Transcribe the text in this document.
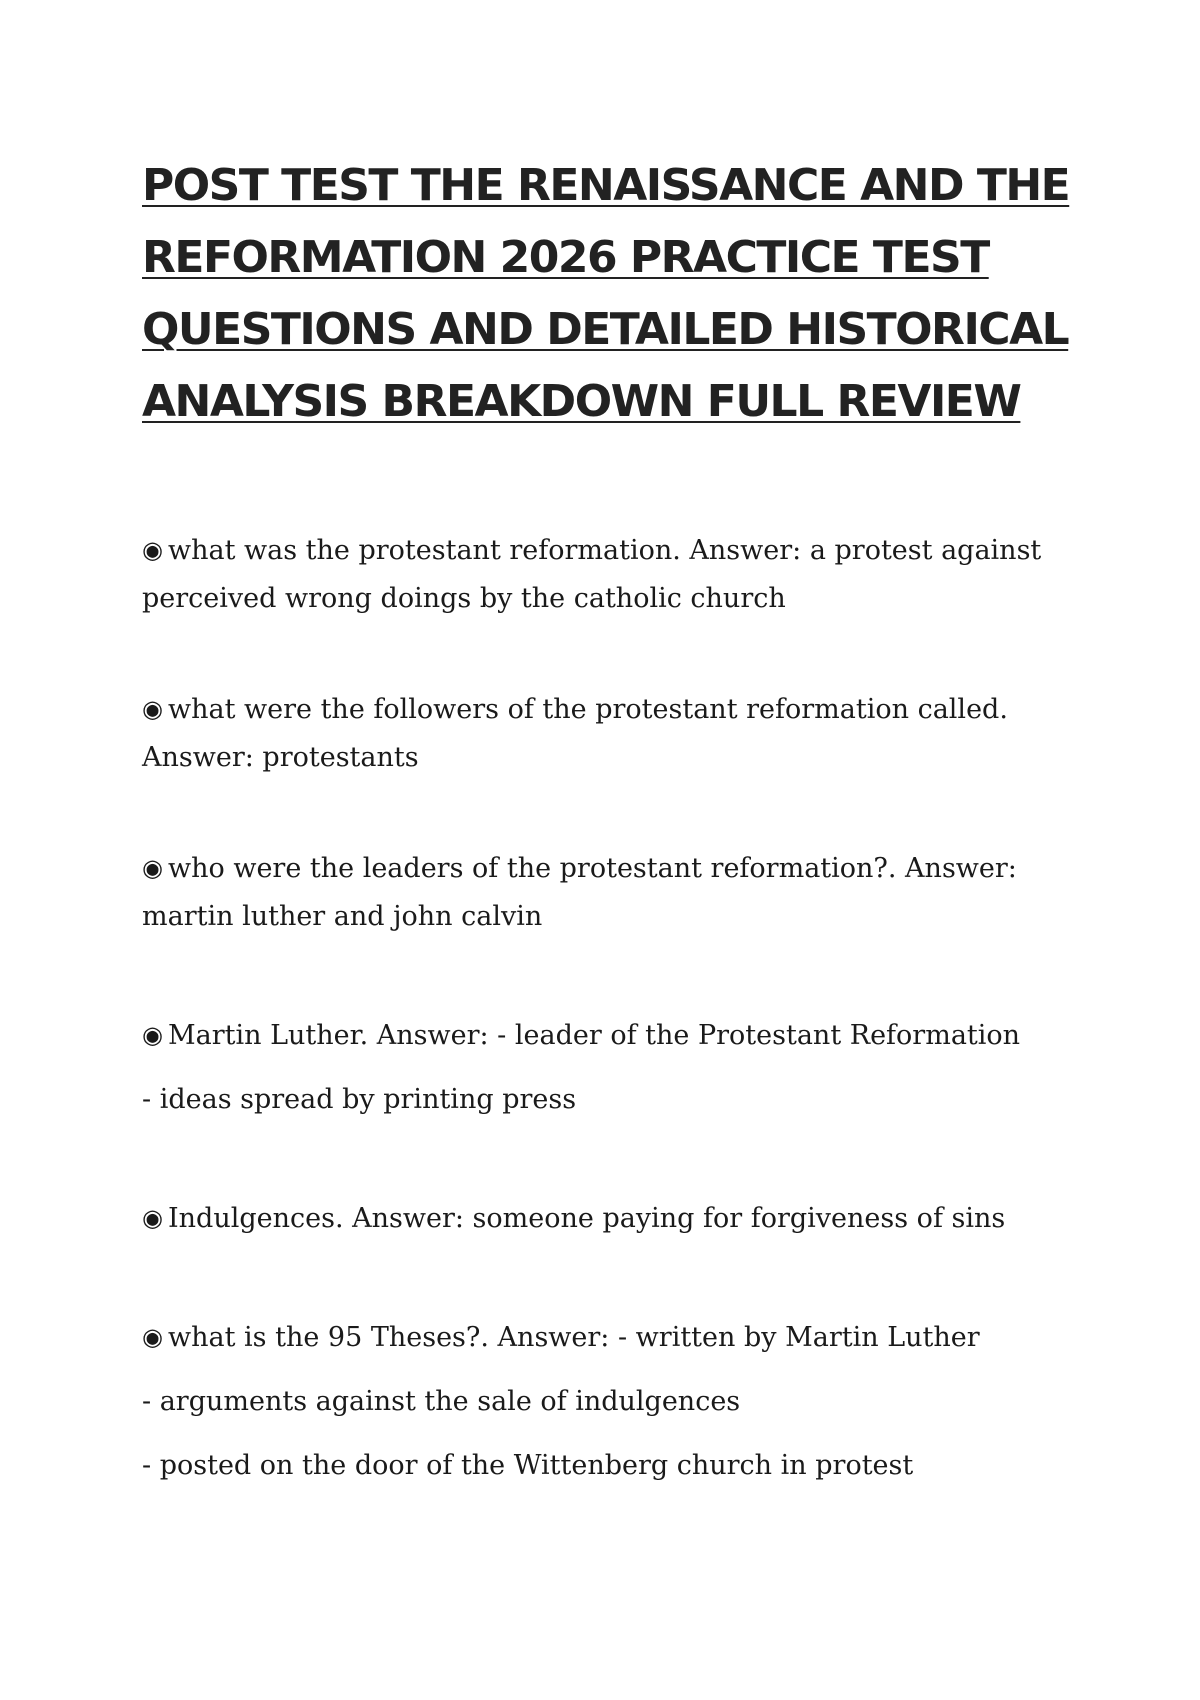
POST TEST THE RENAISSANCE AND THE
REFORMATION 2026 PRACTICE TEST
QUESTIONS AND DETAILED HISTORICAL
ANALYSIS BREAKDOWN FULL REVIEW
◉ what was the protestant reformation. Answer: a protest against
perceived wrong doings by the catholic church
◉ what were the followers of the protestant reformation called.
Answer: protestants
◉ who were the leaders of the protestant reformation?. Answer:
martin luther and john calvin
◉ Martin Luther. Answer: - leader of the Protestant Reformation
- ideas spread by printing press
◉ Indulgences. Answer: someone paying for forgiveness of sins
◉ what is the 95 Theses?. Answer: - written by Martin Luther
- arguments against the sale of indulgences
- posted on the door of the Wittenberg church in protest
